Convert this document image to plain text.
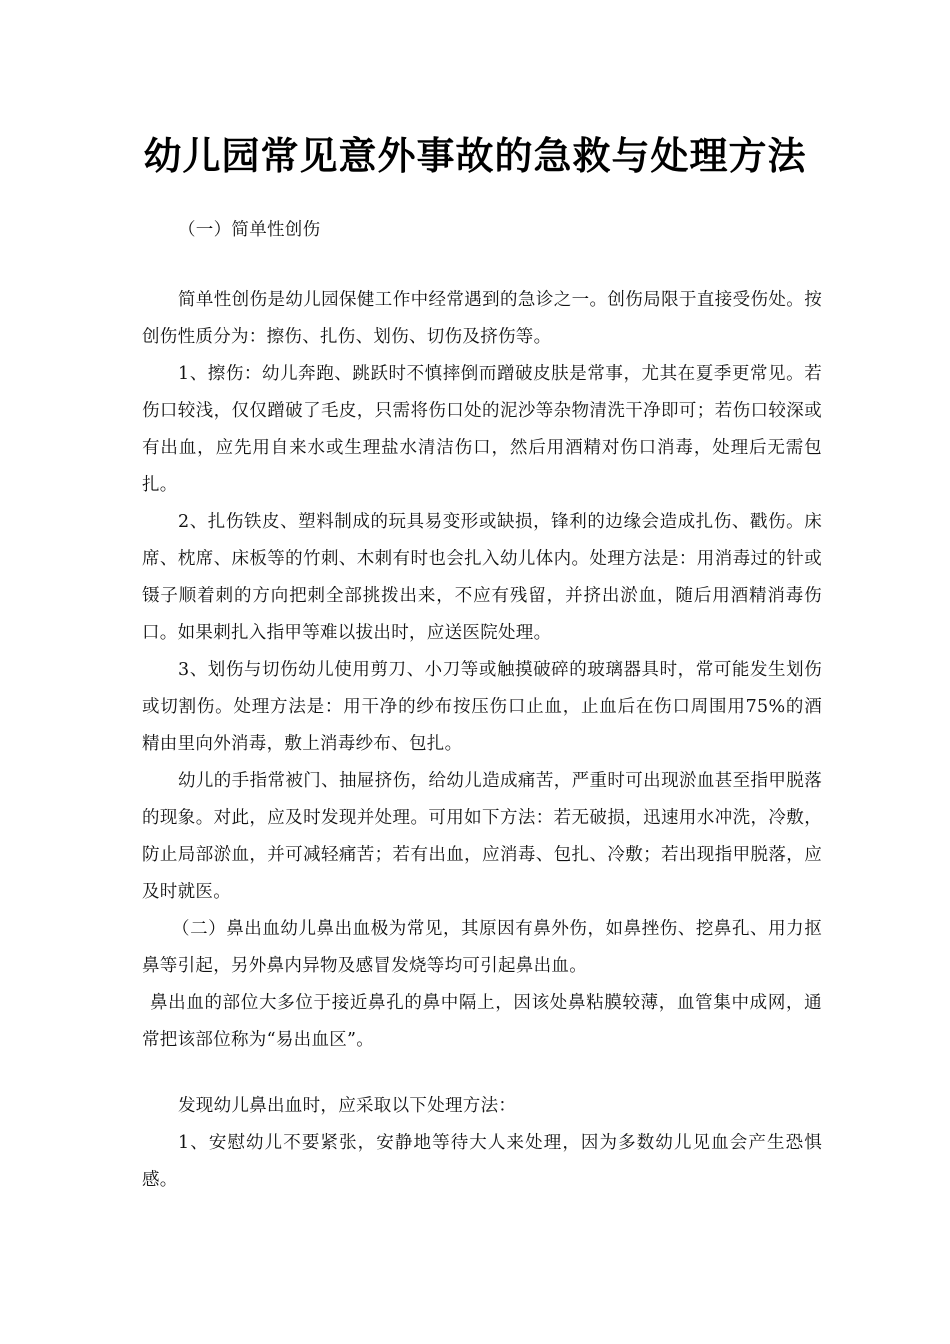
幼儿园常见意外事故的急救与处理方法

（一）简单性创伤

简单性创伤是幼儿园保健工作中经常遇到的急诊之一。创伤局限于直接受伤处。按创伤性质分为：擦伤、扎伤、划伤、切伤及挤伤等。

1、擦伤：幼儿奔跑、跳跃时不慎摔倒而蹭破皮肤是常事，尤其在夏季更常见。若伤口较浅，仅仅蹭破了毛皮，只需将伤口处的泥沙等杂物清洗干净即可；若伤口较深或有出血，应先用自来水或生理盐水清洁伤口，然后用酒精对伤口消毒，处理后无需包扎。

2、扎伤铁皮、塑料制成的玩具易变形或缺损，锋利的边缘会造成扎伤、戳伤。床席、枕席、床板等的竹刺、木刺有时也会扎入幼儿体内。处理方法是：用消毒过的针或镊子顺着刺的方向把刺全部挑拨出来，不应有残留，并挤出淤血，随后用酒精消毒伤口。如果刺扎入指甲等难以拔出时，应送医院处理。

3、划伤与切伤幼儿使用剪刀、小刀等或触摸破碎的玻璃器具时，常可能发生划伤或切割伤。处理方法是：用干净的纱布按压伤口止血，止血后在伤口周围用75%的酒精由里向外消毒，敷上消毒纱布、包扎。

幼儿的手指常被门、抽屉挤伤，给幼儿造成痛苦，严重时可出现淤血甚至指甲脱落的现象。对此，应及时发现并处理。可用如下方法：若无破损，迅速用水冲洗，冷敷，防止局部淤血，并可减轻痛苦；若有出血，应消毒、包扎、冷敷；若出现指甲脱落，应及时就医。

（二）鼻出血幼儿鼻出血极为常见，其原因有鼻外伤，如鼻挫伤、挖鼻孔、用力抠鼻等引起，另外鼻内异物及感冒发烧等均可引起鼻出血。

鼻出血的部位大多位于接近鼻孔的鼻中隔上，因该处鼻粘膜较薄，血管集中成网，通常把该部位称为“易出血区”。

发现幼儿鼻出血时，应采取以下处理方法：

1、安慰幼儿不要紧张，安静地等待大人来处理，因为多数幼儿见血会产生恐惧感。
